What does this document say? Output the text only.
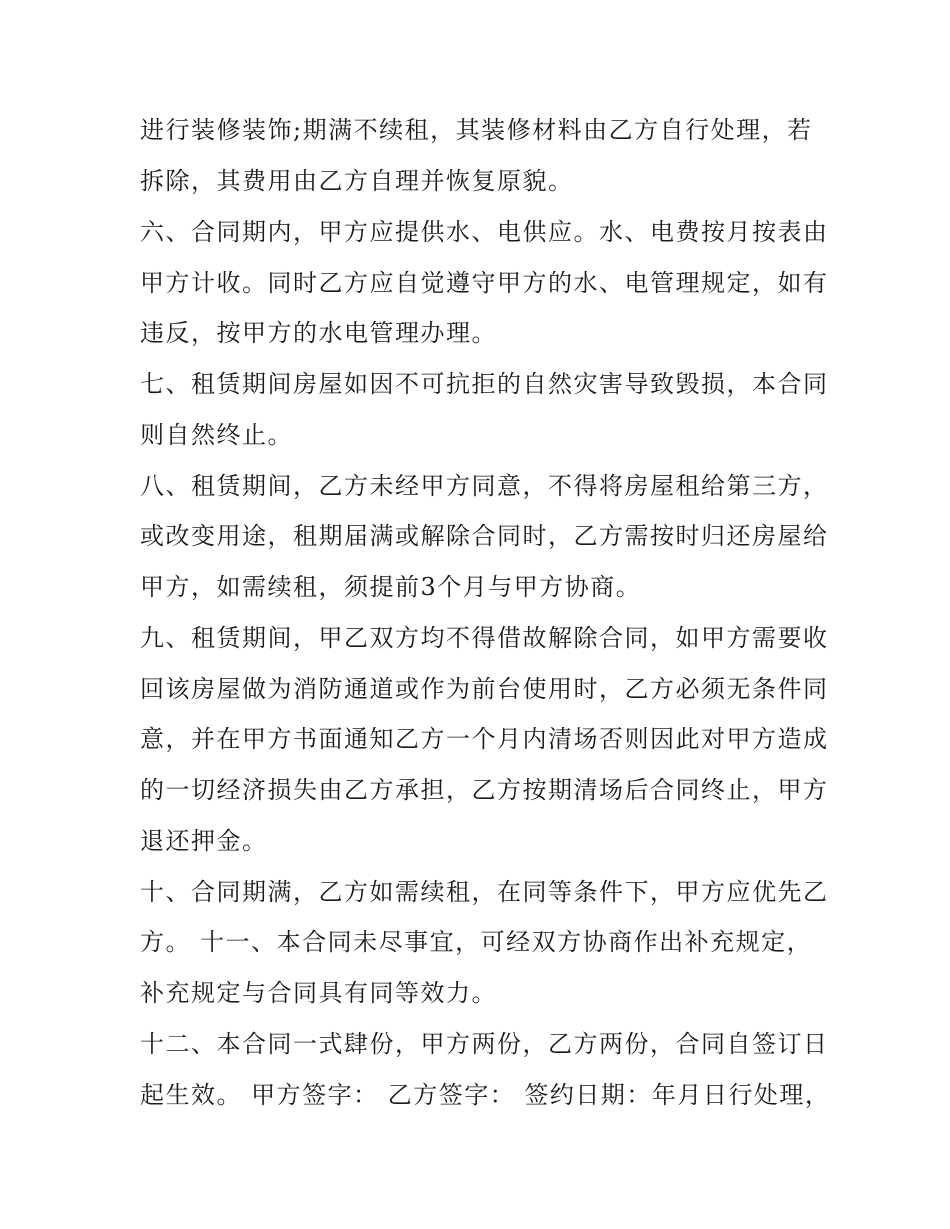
进行装修装饰;期满不续租，其装修材料由乙方自行处理，若
拆除，其费用由乙方自理并恢复原貌。
六、合同期内，甲方应提供水、电供应。水、电费按月按表由
甲方计收。同时乙方应自觉遵守甲方的水、电管理规定，如有
违反，按甲方的水电管理办理。
七、租赁期间房屋如因不可抗拒的自然灾害导致毁损，本合同
则自然终止。
八、租赁期间，乙方未经甲方同意，不得将房屋租给第三方，
或改变用途，租期届满或解除合同时，乙方需按时归还房屋给
甲方，如需续租，须提前3个月与甲方协商。
九、租赁期间，甲乙双方均不得借故解除合同，如甲方需要收
回该房屋做为消防通道或作为前台使用时，乙方必须无条件同
意，并在甲方书面通知乙方一个月内清场否则因此对甲方造成
的一切经济损失由乙方承担，乙方按期清场后合同终止，甲方
退还押金。
十、合同期满，乙方如需续租，在同等条件下，甲方应优先乙
方。 十一、本合同未尽事宜，可经双方协商作出补充规定，
补充规定与合同具有同等效力。
十二、本合同一式肆份，甲方两份，乙方两份，合同自签订日
起生效。 甲方签字： 乙方签字： 签约日期：年月日行处理，
